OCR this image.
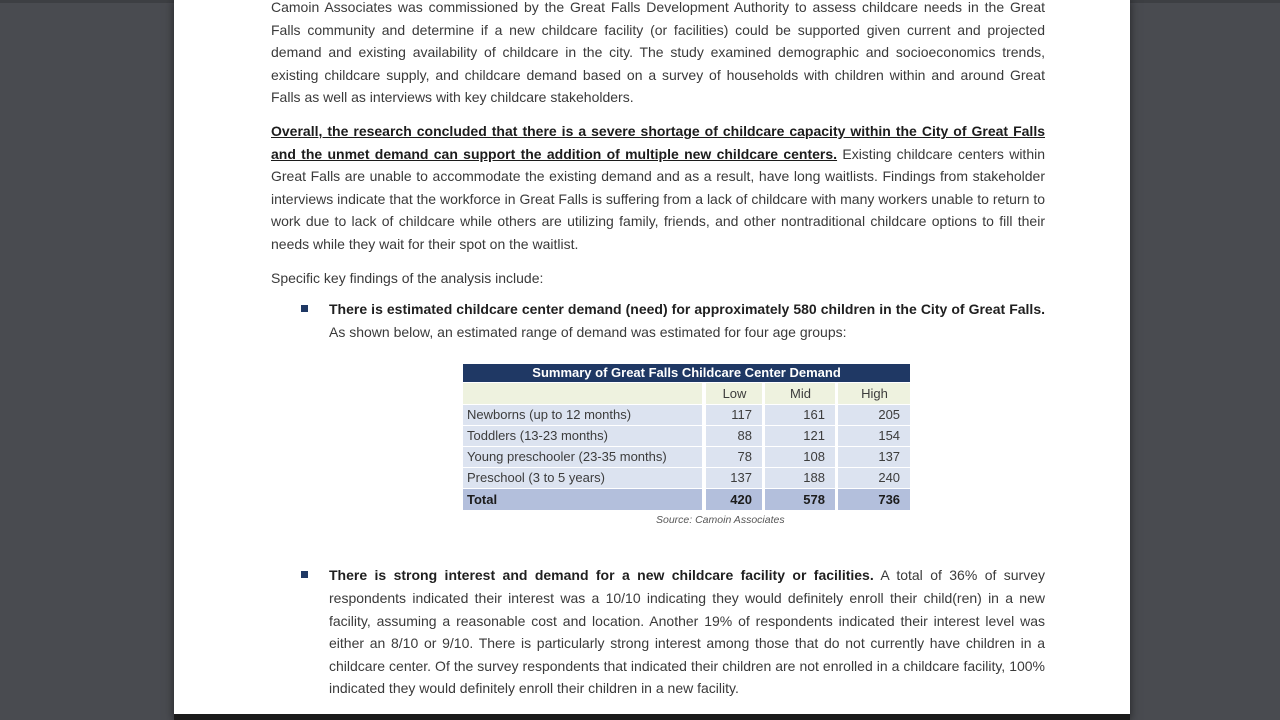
Camoin Associates was commissioned by the Great Falls Development Authority to assess childcare needs in the Great Falls community and determine if a new childcare facility (or facilities) could be supported given current and projected demand and existing availability of childcare in the city. The study examined demographic and socioeconomics trends, existing childcare supply, and childcare demand based on a survey of households with children within and around Great Falls as well as interviews with key childcare stakeholders.

Overall, the research concluded that there is a severe shortage of childcare capacity within the City of Great Falls and the unmet demand can support the addition of multiple new childcare centers. Existing childcare centers within Great Falls are unable to accommodate the existing demand and as a result, have long waitlists. Findings from stakeholder interviews indicate that the workforce in Great Falls is suffering from a lack of childcare with many workers unable to return to work due to lack of childcare while others are utilizing family, friends, and other nontraditional childcare options to fill their needs while they wait for their spot on the waitlist.

Specific key findings of the analysis include:

There is estimated childcare center demand (need) for approximately 580 children in the City of Great Falls. As shown below, an estimated range of demand was estimated for four age groups:
Summary of Great Falls Childcare Center Demand			
	Low	Mid	High
Newborns (up to 12 months)	117	161	205
Toddlers (13-23 months)	88	121	154
Young preschooler (23-35 months)	78	108	137
Preschool (3 to 5 years)	137	188	240
Total	420	578	736
Source: Camoin Associates
There is strong interest and demand for a new childcare facility or facilities. A total of 36% of survey respondents indicated their interest was a 10/10 indicating they would definitely enroll their child(ren) in a new facility, assuming a reasonable cost and location. Another 19% of respondents indicated their interest level was either an 8/10 or 9/10. There is particularly strong interest among those that do not currently have children in a childcare center. Of the survey respondents that indicated their children are not enrolled in a childcare facility, 100% indicated they would definitely enroll their children in a new facility.
